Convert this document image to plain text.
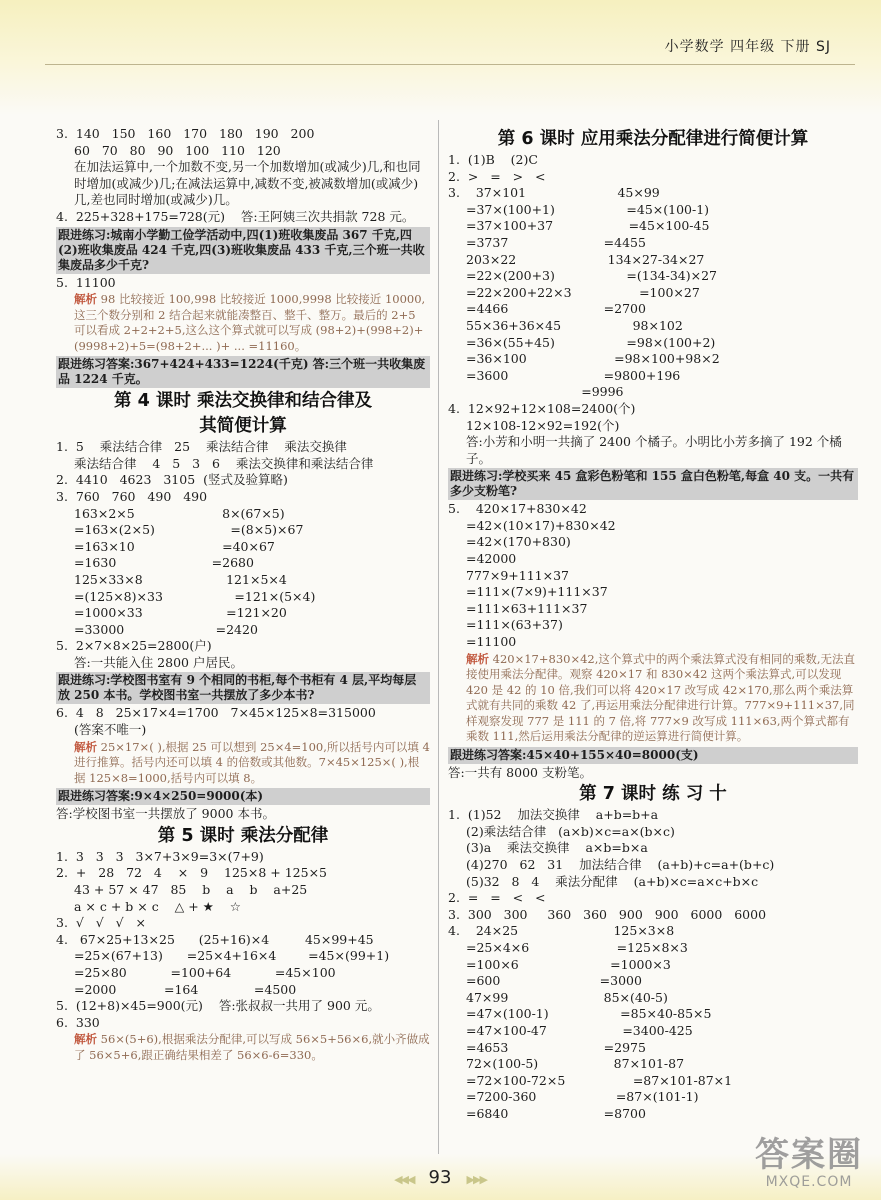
小学数学 四年级 下册 SJ
3.  140   150   160   170   180   190   200
60   70   80   90   100   110   120
在加法运算中,一个加数不变,另一个加数增加(或减少)几,和也同时增加(或减少)几;在减法运算中,减数不变,被减数增加(或减少)几,差也同时增加(或减少)几。
4.  225+328+175=728(元)    答:王阿姨三次共捐款 728 元。
跟进练习:城南小学勤工俭学活动中,四(1)班收集废品 367 千克,四(2)班收集废品 424 千克,四(3)班收集废品 433 千克,三个班一共收集废品多少千克?
5.  11100
解析 98 比较接近 100,998 比较接近 1000,9998 比较接近 10000,这三个数分别和 2 结合起来就能凑整百、整千、整万。最后的 2+5 可以看成 2+2+2+5,这么这个算式就可以写成 (98+2)+(998+2)+(9998+2)+5=(98+2+... )+ ... =11160。
跟进练习答案:367+424+433=1224(千克) 答:三个班一共收集废品 1224 千克。
第 4 课时 乘法交换律和结合律及
其简便计算
1.  5    乘法结合律   25    乘法结合律    乘法交换律
乘法结合律    4   5   3   6    乘法交换律和乘法结合律
2.  4410   4623   3105  (竖式及验算略)
3.  760   760   490   490
163×2×5                      8×(67×5)
=163×(2×5)                   =(8×5)×67
=163×10                      =40×67
=1630                        =2680
125×33×8                     121×5×4
=(125×8)×33                  =121×(5×4)
=1000×33                     =121×20
=33000                       =2420
5.  2×7×8×25=2800(户)
答:一共能入住 2800 户居民。
跟进练习:学校图书室有 9 个相同的书柜,每个书柜有 4 层,平均每层放 250 本书。学校图书室一共摆放了多少本书?
6.  4   8   25×17×4=1700   7×45×125×8=315000
(答案不唯一)
解析 25×17×( ),根据 25 可以想到 25×4=100,所以括号内可以填 4 进行推算。括号内还可以填 4 的倍数或其他数。7×45×125×( ),根据 125×8=1000,括号内可以填 8。
跟进练习答案:9×4×250=9000(本)
答:学校图书室一共摆放了 9000 本书。
第 5 课时 乘法分配律
1.  3   3   3   3×7+3×9=3×(7+9)
2.  +   28   72   4    ×   9    125×8 + 125×5
43 + 57 × 47   85    b    a    b    a+25
a × c + b × c    △ + ★    ☆
3.  √   √   √   ×
4.   67×25+13×25      (25+16)×4         45×99+45
=25×(67+13)      =25×4+16×4        =45×(99+1)
=25×80           =100+64           =45×100
=2000            =164              =4500
5.  (12+8)×45=900(元)    答:张叔叔一共用了 900 元。
6.  330
解析 56×(5+6),根据乘法分配律,可以写成 56×5+56×6,就小齐做成了 56×5+6,跟正确结果相差了 56×6-6=330。
第 6 课时 应用乘法分配律进行简便计算
1.  (1)B    (2)C
2.  >   =   >   <
3.    37×101                       45×99
=37×(100+1)                  =45×(100-1)
=37×100+37                   =45×100-45
=3737                        =4455
203×22                       134×27-34×27
=22×(200+3)                  =(134-34)×27
=22×200+22×3                 =100×27
=4466                        =2700
55×36+36×45                  98×102
=36×(55+45)                  =98×(100+2)
=36×100                      =98×100+98×2
=3600                        =9800+196
=9996
4.  12×92+12×108=2400(个)
12×108-12×92=192(个)
答:小芳和小明一共摘了 2400 个橘子。小明比小芳多摘了 192 个橘子。
跟进练习:学校买来 45 盒彩色粉笔和 155 盒白色粉笔,每盒 40 支。一共有多少支粉笔?
5.    420×17+830×42
=42×(10×17)+830×42
=42×(170+830)
=42000
777×9+111×37
=111×(7×9)+111×37
=111×63+111×37
=111×(63+37)
=11100
解析 420×17+830×42,这个算式中的两个乘法算式没有相同的乘数,无法直接使用乘法分配律。观察 420×17 和 830×42 这两个乘法算式,可以发现 420 是 42 的 10 倍,我们可以将 420×17 改写成 42×170,那么两个乘法算式就有共同的乘数 42 了,再运用乘法分配律进行计算。777×9+111×37,同样观察发现 777 是 111 的 7 倍,将 777×9 改写成 111×63,两个算式都有乘数 111,然后运用乘法分配律的逆运算进行简便计算。
跟进练习答案:45×40+155×40=8000(支)
答:一共有 8000 支粉笔。
第 7 课时 练 习 十
1.  (1)52    加法交换律    a+b=b+a
(2)乘法结合律   (a×b)×c=a×(b×c)
(3)a    乘法交换律    a×b=b×a
(4)270   62   31    加法结合律    (a+b)+c=a+(b+c)
(5)32   8   4    乘法分配律    (a+b)×c=a×c+b×c
2.  =   =   <   <
3.  300   300     360   360   900   900   6000   6000
4.    24×25                        125×3×8
=25×4×6                      =125×8×3
=100×6                       =1000×3
=600                         =3000
47×99                        85×(40-5)
=47×(100-1)                  =85×40-85×5
=47×100-47                   =3400-425
=4653                        =2975
72×(100-5)                   87×101-87
=72×100-72×5                 =87×101-87×1
=7200-360                    =87×(101-1)
=6840                        =8700
◀◀◀ 93 ▶▶▶
答案圈
MXQE.COM
